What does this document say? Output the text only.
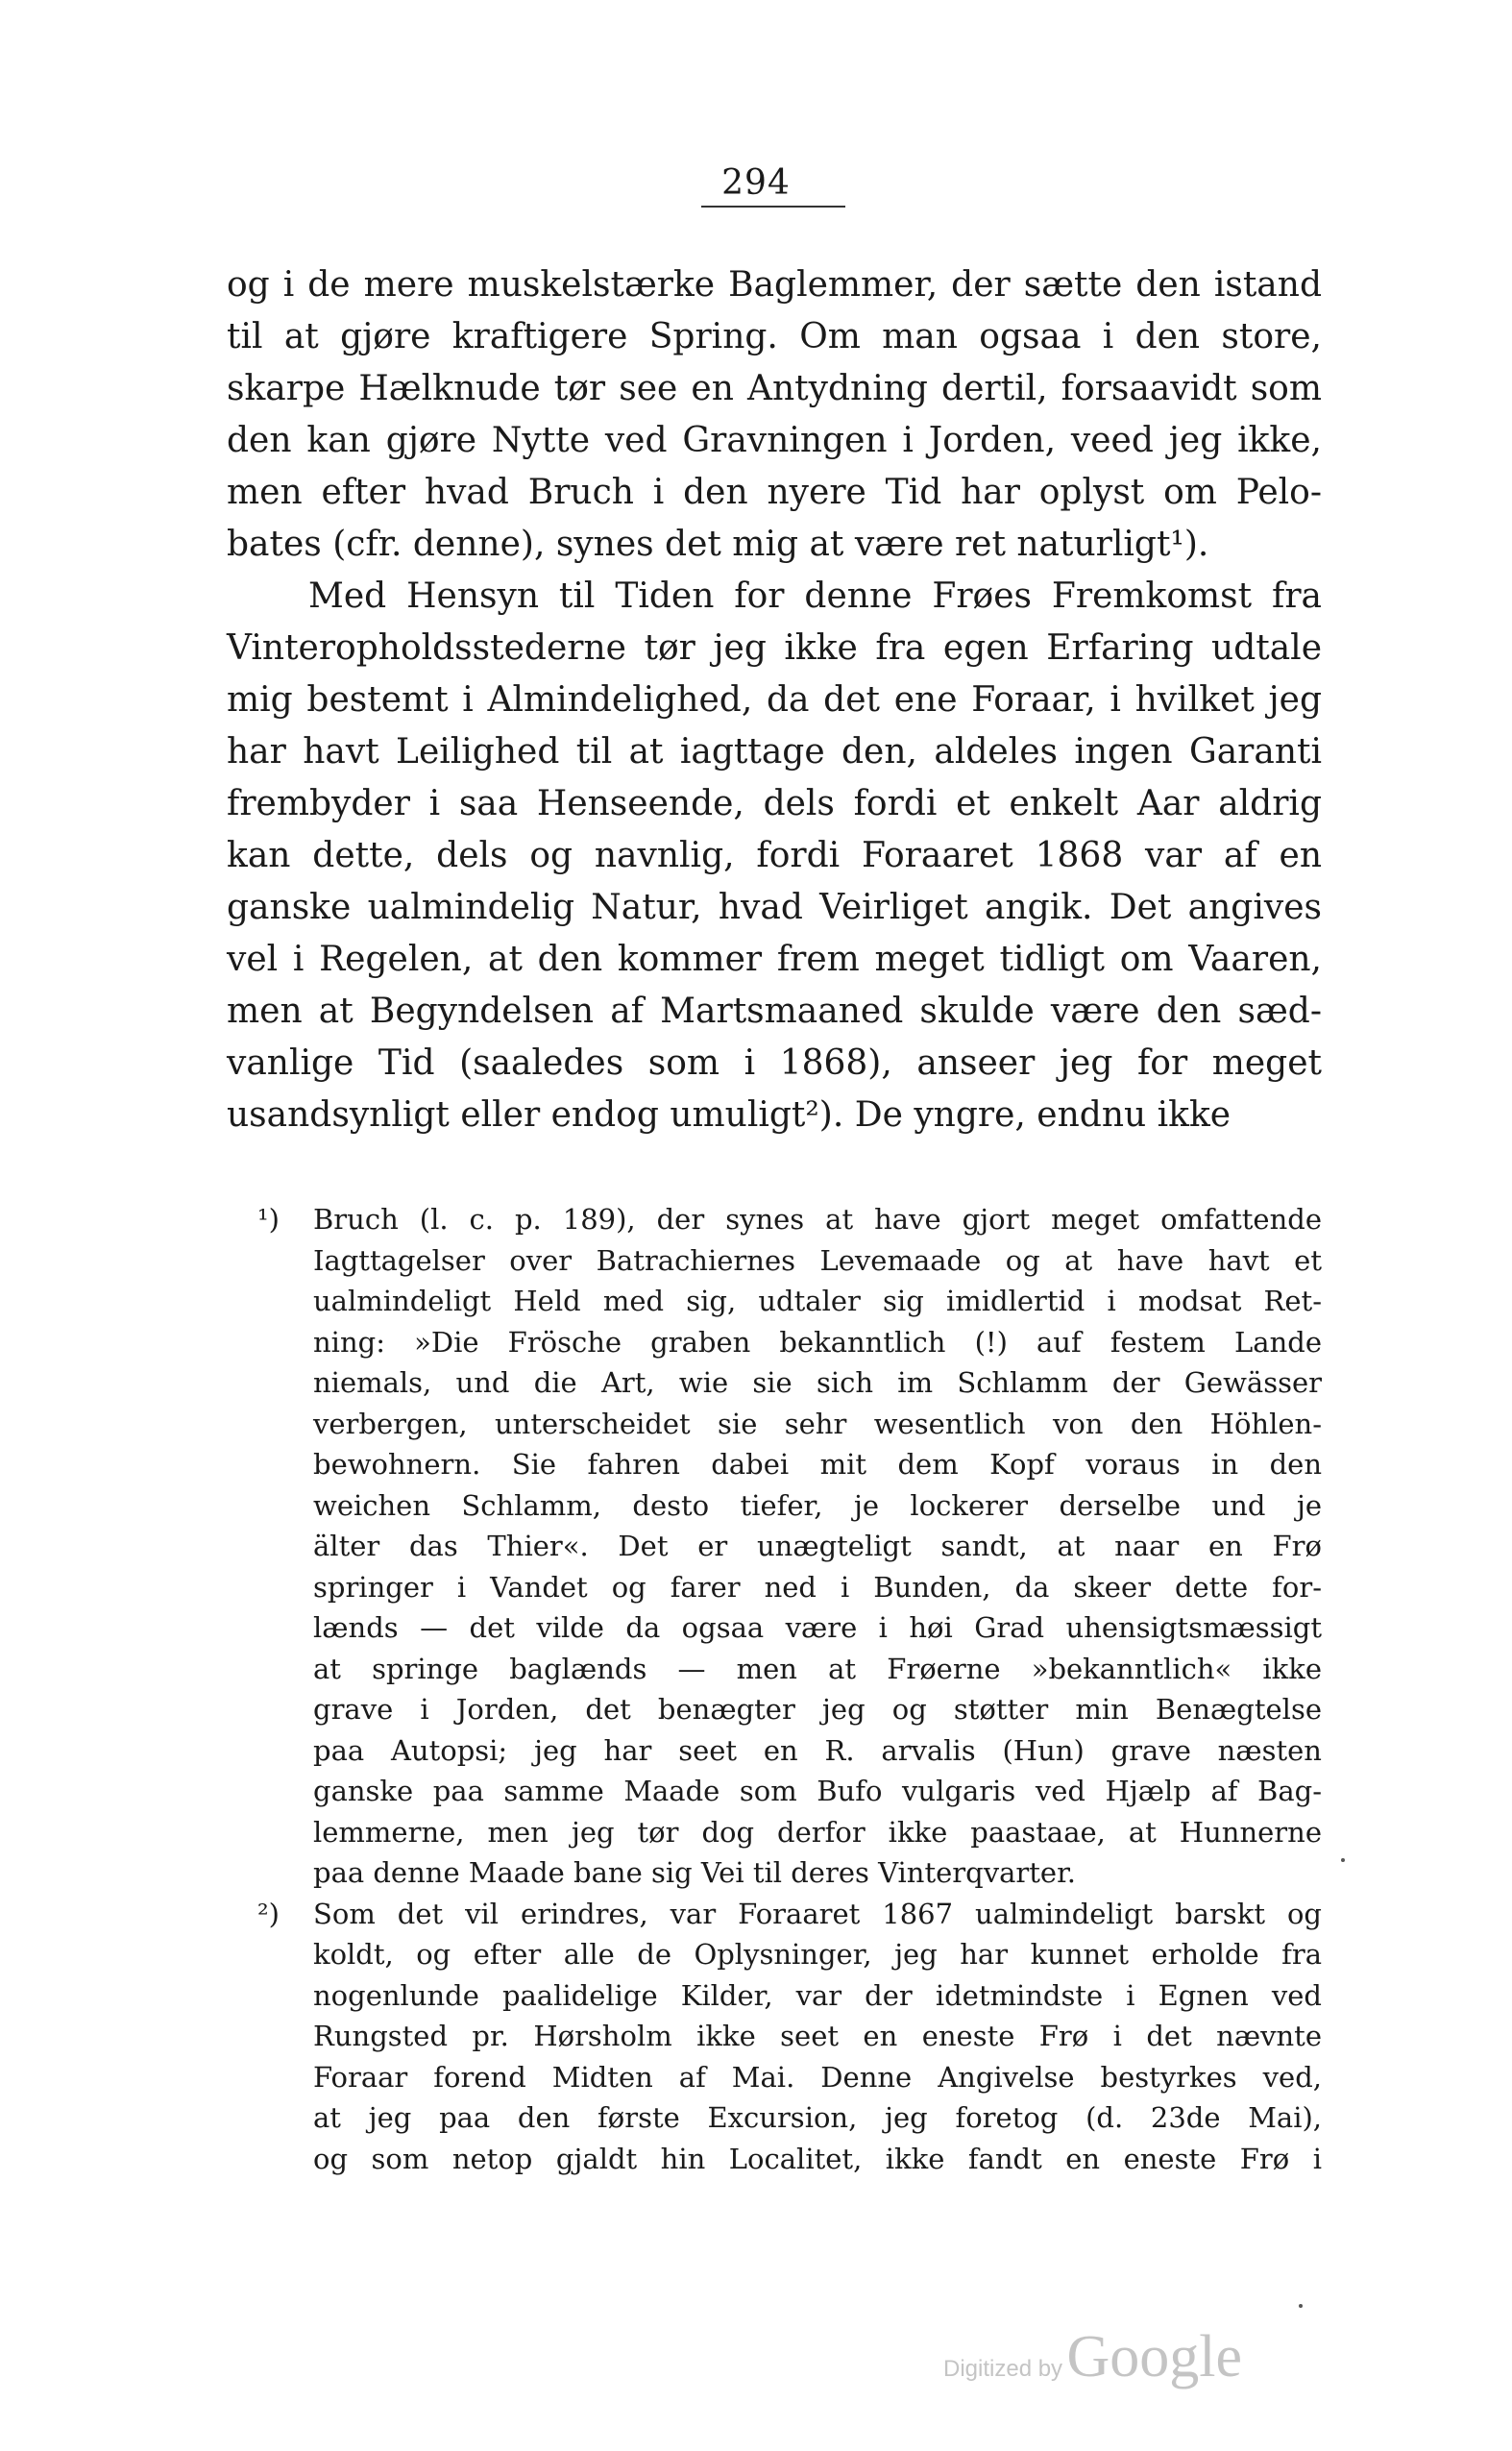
294
og i de mere muskelstærke Baglemmer, der sætte den istand
til at gjøre kraftigere Spring. Om man ogsaa i den store,
skarpe Hælknude tør see en Antydning dertil, forsaavidt som
den kan gjøre Nytte ved Gravningen i Jorden, veed jeg ikke,
men efter hvad Bruch i den nyere Tid har oplyst om Pelo-
bates (cfr. denne), synes det mig at være ret naturligt¹).
Med Hensyn til Tiden for denne Frøes Fremkomst fra
Vinteropholdsstederne tør jeg ikke fra egen Erfaring udtale
mig bestemt i Almindelighed, da det ene Foraar, i hvilket jeg
har havt Leilighed til at iagttage den, aldeles ingen Garanti
frembyder i saa Henseende, dels fordi et enkelt Aar aldrig
kan dette, dels og navnlig, fordi Foraaret 1868 var af en
ganske ualmindelig Natur, hvad Veirliget angik. Det angives
vel i Regelen, at den kommer frem meget tidligt om Vaaren,
men at Begyndelsen af Martsmaaned skulde være den sæd-
vanlige Tid (saaledes som i 1868), anseer jeg for meget
usandsynligt eller endog umuligt²). De yngre, endnu ikke
¹) Bruch (l. c. p. 189), der synes at have gjort meget omfattende
Iagttagelser over Batrachiernes Levemaade og at have havt et
ualmindeligt Held med sig, udtaler sig imidlertid i modsat Ret-
ning: »Die Frösche graben bekanntlich (!) auf festem Lande
niemals, und die Art, wie sie sich im Schlamm der Gewässer
verbergen, unterscheidet sie sehr wesentlich von den Höhlen-
bewohnern. Sie fahren dabei mit dem Kopf voraus in den
weichen Schlamm, desto tiefer, je lockerer derselbe und je
älter das Thier«. Det er unægteligt sandt, at naar en Frø
springer i Vandet og farer ned i Bunden, da skeer dette for-
lænds — det vilde da ogsaa være i høi Grad uhensigtsmæssigt
at springe baglænds — men at Frøerne »bekanntlich« ikke
grave i Jorden, det benægter jeg og støtter min Benægtelse
paa Autopsi; jeg har seet en R. arvalis (Hun) grave næsten
ganske paa samme Maade som Bufo vulgaris ved Hjælp af Bag-
lemmerne, men jeg tør dog derfor ikke paastaae, at Hunnerne
paa denne Maade bane sig Vei til deres Vinterqvarter.
²) Som det vil erindres, var Foraaret 1867 ualmindeligt barskt og
koldt, og efter alle de Oplysninger, jeg har kunnet erholde fra
nogenlunde paalidelige Kilder, var der idetmindste i Egnen ved
Rungsted pr. Hørsholm ikke seet en eneste Frø i det nævnte
Foraar forend Midten af Mai. Denne Angivelse bestyrkes ved,
at jeg paa den første Excursion, jeg foretog (d. 23de Mai),
og som netop gjaldt hin Localitet, ikke fandt en eneste Frø i
Digitized by Google
